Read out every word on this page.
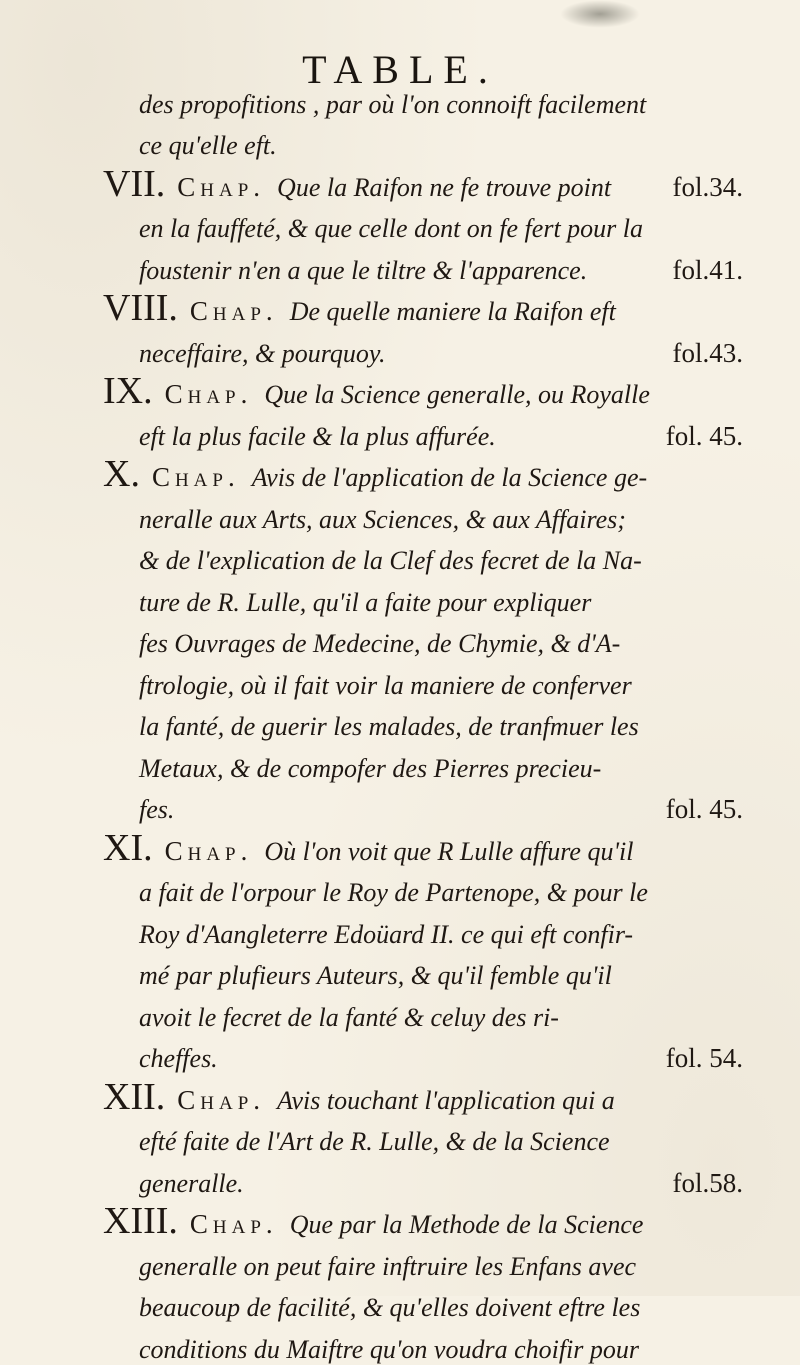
TABLE.
des propofitions , par où l'on connoift facilement
ce qu'elle eft.
VII. Chap. Que la Raifon ne fe trouve point fol.34.
en la fauffeté, & que celle dont on fe fert pour la
foustenir n'en a que le tiltre & l'apparence.	fol.41.
VIII. Chap. De quelle maniere la Raifon eft
neceffaire, & pourquoy.	fol.43.
IX. Chap. Que la Science generalle, ou Royalle
eft la plus facile & la plus affurée.	fol. 45.
X. Chap. Avis de l'application de la Science ge-
neralle aux Arts, aux Sciences, & aux Affaires;
& de l'explication de la Clef des fecret de la Na-
ture de R. Lulle, qu'il a faite pour expliquer
fes Ouvrages de Medecine, de Chymie, & d'A-
ftrologie, où il fait voir la maniere de conferver
la fanté, de guerir les malades, de tranfmuer les
Metaux, & de compofer des Pierres precieu-
fes.	fol. 45.
XI. Chap. Où l'on voit que R Lulle affure qu'il
a fait de l'orpour le Roy de Partenope, & pour le
Roy d'Aangleterre Edoüard II. ce qui eft confir-
mé par plufieurs Auteurs, & qu'il femble qu'il
avoit le fecret de la fanté & celuy des ri-
cheffes.	fol. 54.
XII. Chap. Avis touchant l'application qui a
efté faite de l'Art de R. Lulle, & de la Science
generalle.	fol.58.
XIII. Chap. Que par la Methode de la Science
generalle on peut faire inftruire les Enfans avec
beaucoup de facilité, & qu'elles doivent eftre les
conditions du Maiftre qu'on voudra choifir pour
